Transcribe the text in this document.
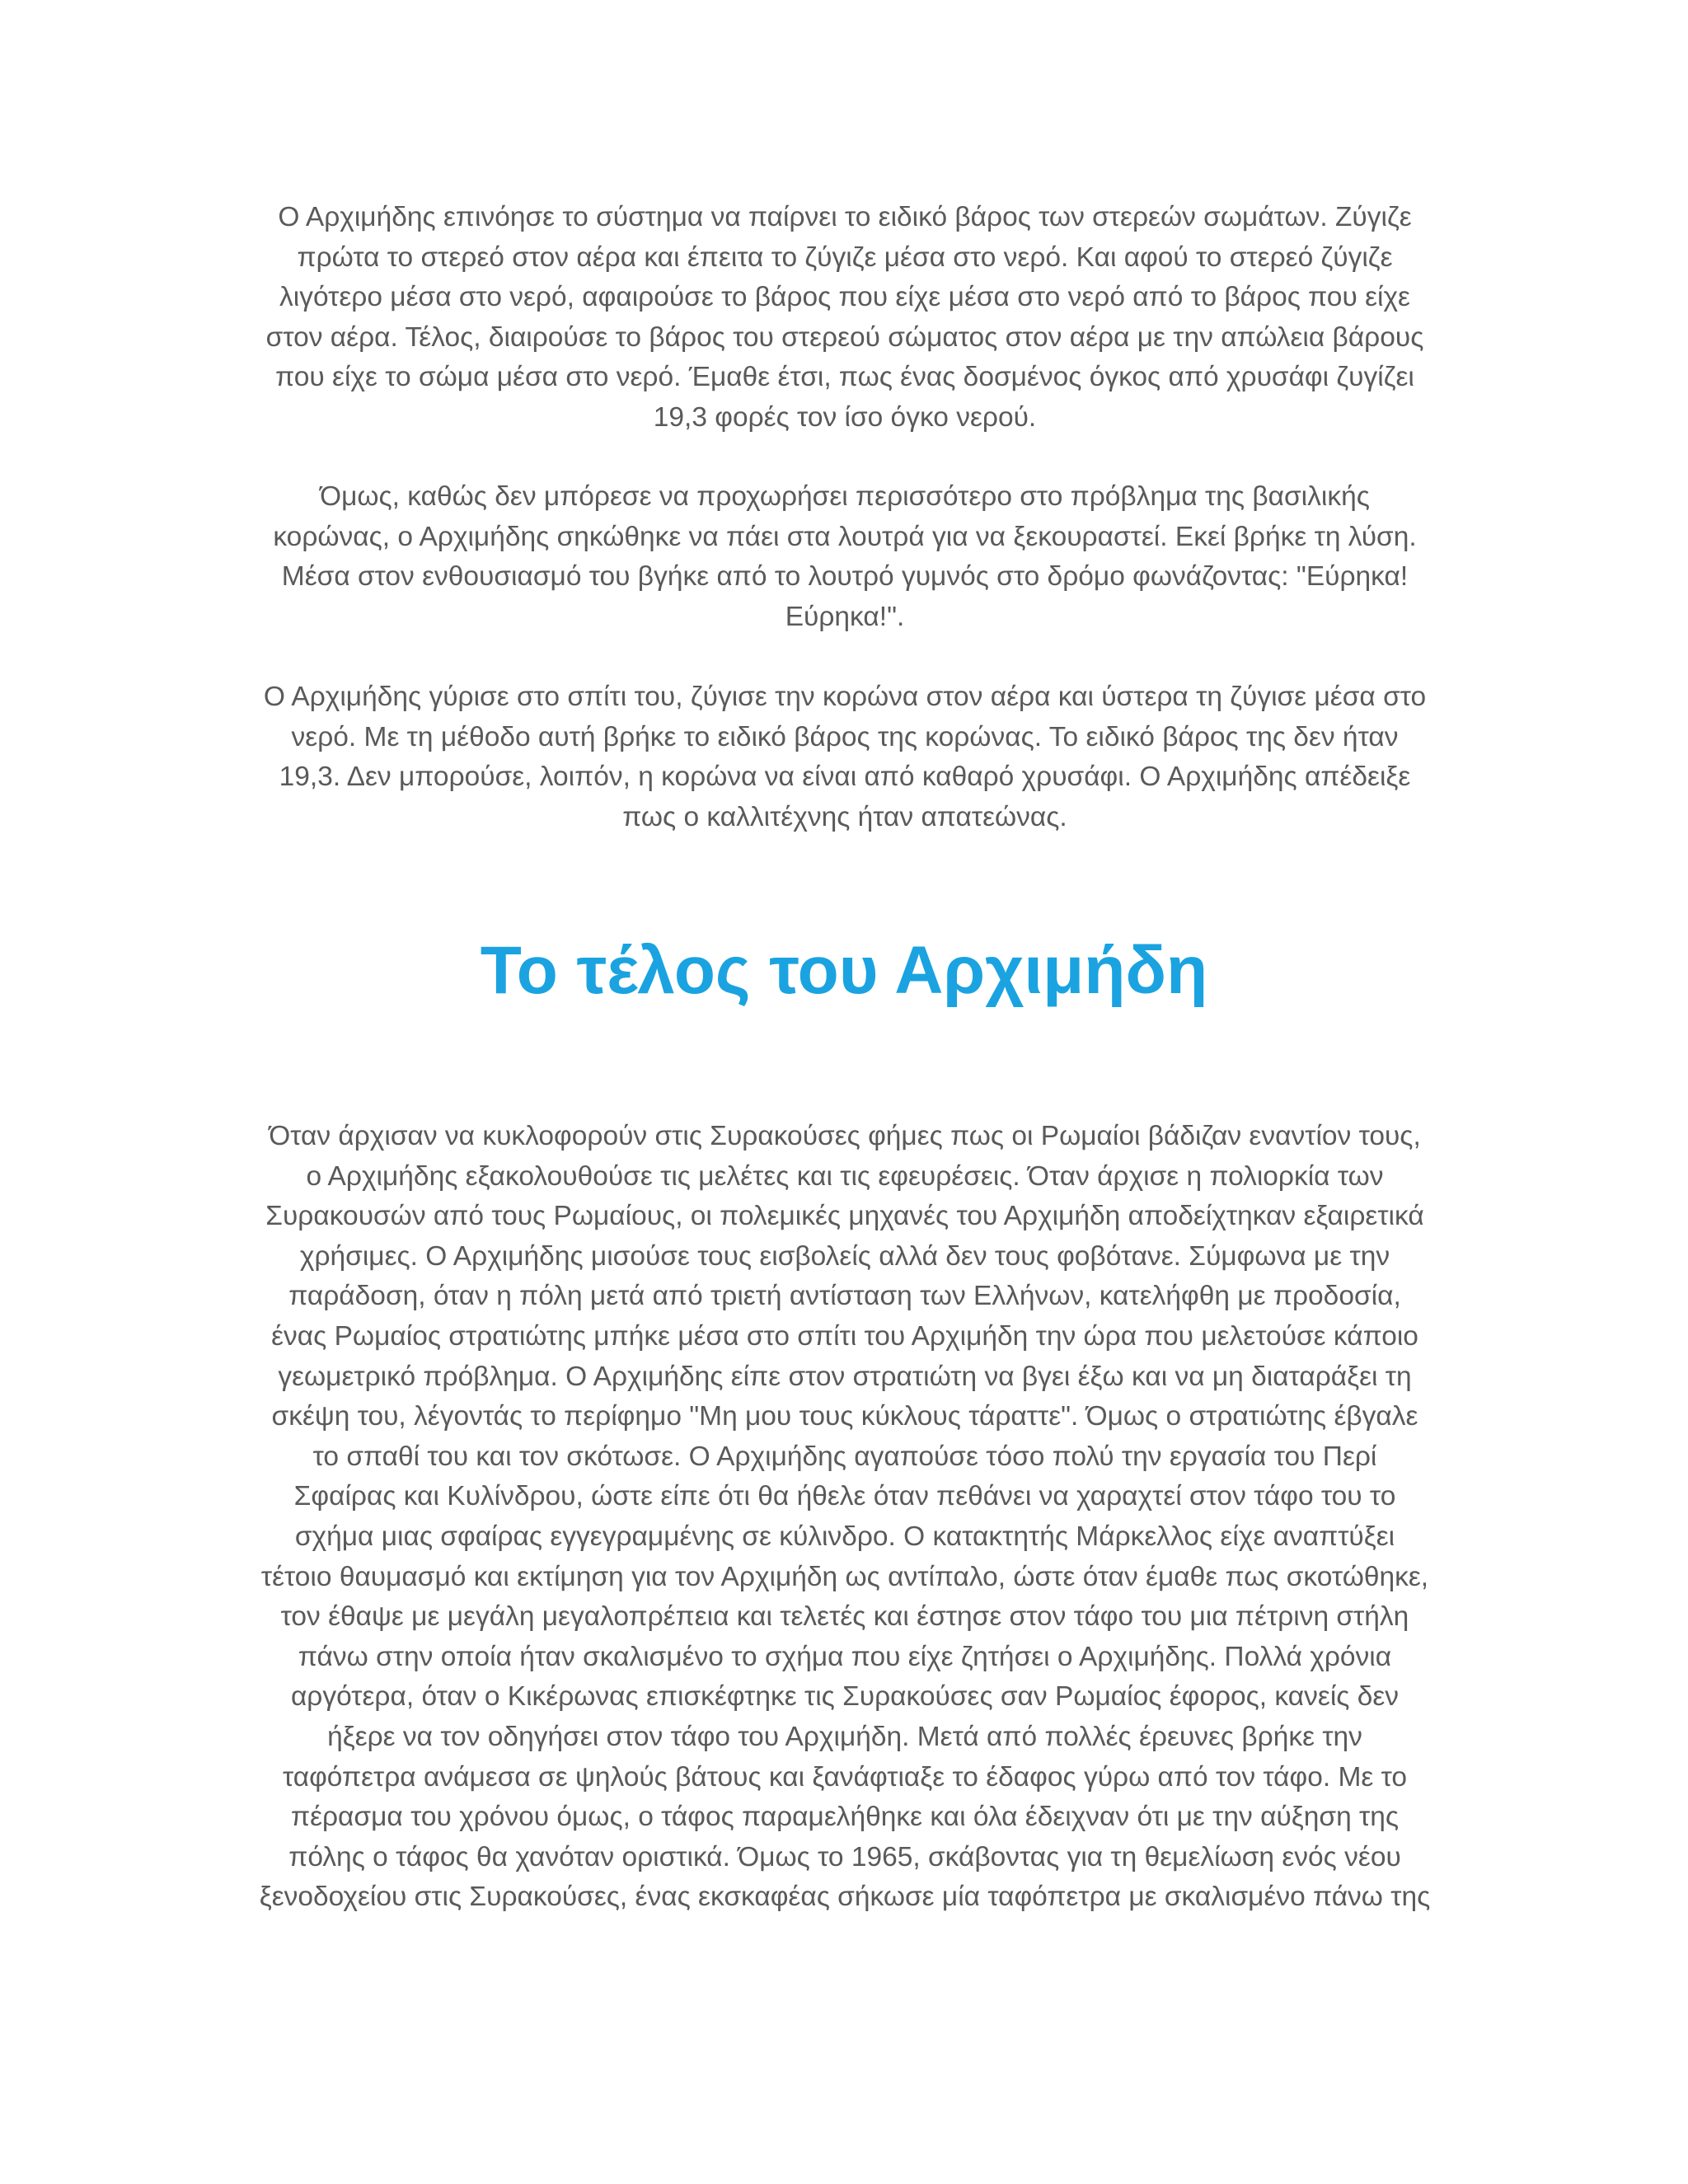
Ο Αρχιμήδης επινόησε το σύστημα να παίρνει το ειδικό βάρος των στερεών σωμάτων. Ζύγιζε
πρώτα το στερεό στον αέρα και έπειτα το ζύγιζε μέσα στο νερό. Και αφού το στερεό ζύγιζε
λιγότερο μέσα στο νερό, αφαιρούσε το βάρος που είχε μέσα στο νερό από το βάρος που είχε
στον αέρα. Τέλος, διαιρούσε το βάρος του στερεού σώματος στον αέρα με την απώλεια βάρους
που είχε το σώμα μέσα στο νερό. Έμαθε έτσι, πως ένας δοσμένος όγκος από χρυσάφι ζυγίζει
19,3 φορές τον ίσο όγκο νερού.

Όμως, καθώς δεν μπόρεσε να προχωρήσει περισσότερο στο πρόβλημα της βασιλικής
κορώνας, ο Αρχιμήδης σηκώθηκε να πάει στα λουτρά για να ξεκουραστεί. Εκεί βρήκε τη λύση.
Μέσα στον ενθουσιασμό του βγήκε από το λουτρό γυμνός στο δρόμο φωνάζοντας: "Εύρηκα!
Εύρηκα!".

Ο Αρχιμήδης γύρισε στο σπίτι του, ζύγισε την κορώνα στον αέρα και ύστερα τη ζύγισε μέσα στο
νερό. Με τη μέθοδο αυτή βρήκε το ειδικό βάρος της κορώνας. Το ειδικό βάρος της δεν ήταν
19,3. Δεν μπορούσε, λοιπόν, η κορώνα να είναι από καθαρό χρυσάφι. Ο Αρχιμήδης απέδειξε
πως ο καλλιτέχνης ήταν απατεώνας.

Το τέλος του Αρχιμήδη

Όταν άρχισαν να κυκλοφορούν στις Συρακούσες φήμες πως οι Ρωμαίοι βάδιζαν εναντίον τους,
ο Αρχιμήδης εξακολουθούσε τις μελέτες και τις εφευρέσεις. Όταν άρχισε η πολιορκία των
Συρακουσών από τους Ρωμαίους, οι πολεμικές μηχανές του Αρχιμήδη αποδείχτηκαν εξαιρετικά
χρήσιμες. Ο Αρχιμήδης μισούσε τους εισβολείς αλλά δεν τους φοβότανε. Σύμφωνα με την
παράδοση, όταν η πόλη μετά από τριετή αντίσταση των Ελλήνων, κατελήφθη με προδοσία,
ένας Ρωμαίος στρατιώτης μπήκε μέσα στο σπίτι του Αρχιμήδη την ώρα που μελετούσε κάποιο
γεωμετρικό πρόβλημα. Ο Αρχιμήδης είπε στον στρατιώτη να βγει έξω και να μη διαταράξει τη
σκέψη του, λέγοντάς το περίφημο "Μη μου τους κύκλους τάραττε". Όμως ο στρατιώτης έβγαλε
το σπαθί του και τον σκότωσε. Ο Αρχιμήδης αγαπούσε τόσο πολύ την εργασία του Περί
Σφαίρας και Κυλίνδρου, ώστε είπε ότι θα ήθελε όταν πεθάνει να χαραχτεί στον τάφο του το
σχήμα μιας σφαίρας εγγεγραμμένης σε κύλινδρο. Ο κατακτητής Μάρκελλος είχε αναπτύξει
τέτοιο θαυμασμό και εκτίμηση για τον Αρχιμήδη ως αντίπαλο, ώστε όταν έμαθε πως σκοτώθηκε,
τον έθαψε με μεγάλη μεγαλοπρέπεια και τελετές και έστησε στον τάφο του μια πέτρινη στήλη
πάνω στην οποία ήταν σκαλισμένο το σχήμα που είχε ζητήσει ο Αρχιμήδης. Πολλά χρόνια
αργότερα, όταν ο Κικέρωνας επισκέφτηκε τις Συρακούσες σαν Ρωμαίος έφορος, κανείς δεν
ήξερε να τον οδηγήσει στον τάφο του Αρχιμήδη. Μετά από πολλές έρευνες βρήκε την
ταφόπετρα ανάμεσα σε ψηλούς βάτους και ξανάφτιαξε το έδαφος γύρω από τον τάφο. Με το
πέρασμα του χρόνου όμως, ο τάφος παραμελήθηκε και όλα έδειχναν ότι με την αύξηση της
πόλης ο τάφος θα χανόταν οριστικά. Όμως το 1965, σκάβοντας για τη θεμελίωση ενός νέου
ξενοδοχείου στις Συρακούσες, ένας εκσκαφέας σήκωσε μία ταφόπετρα με σκαλισμένο πάνω της
